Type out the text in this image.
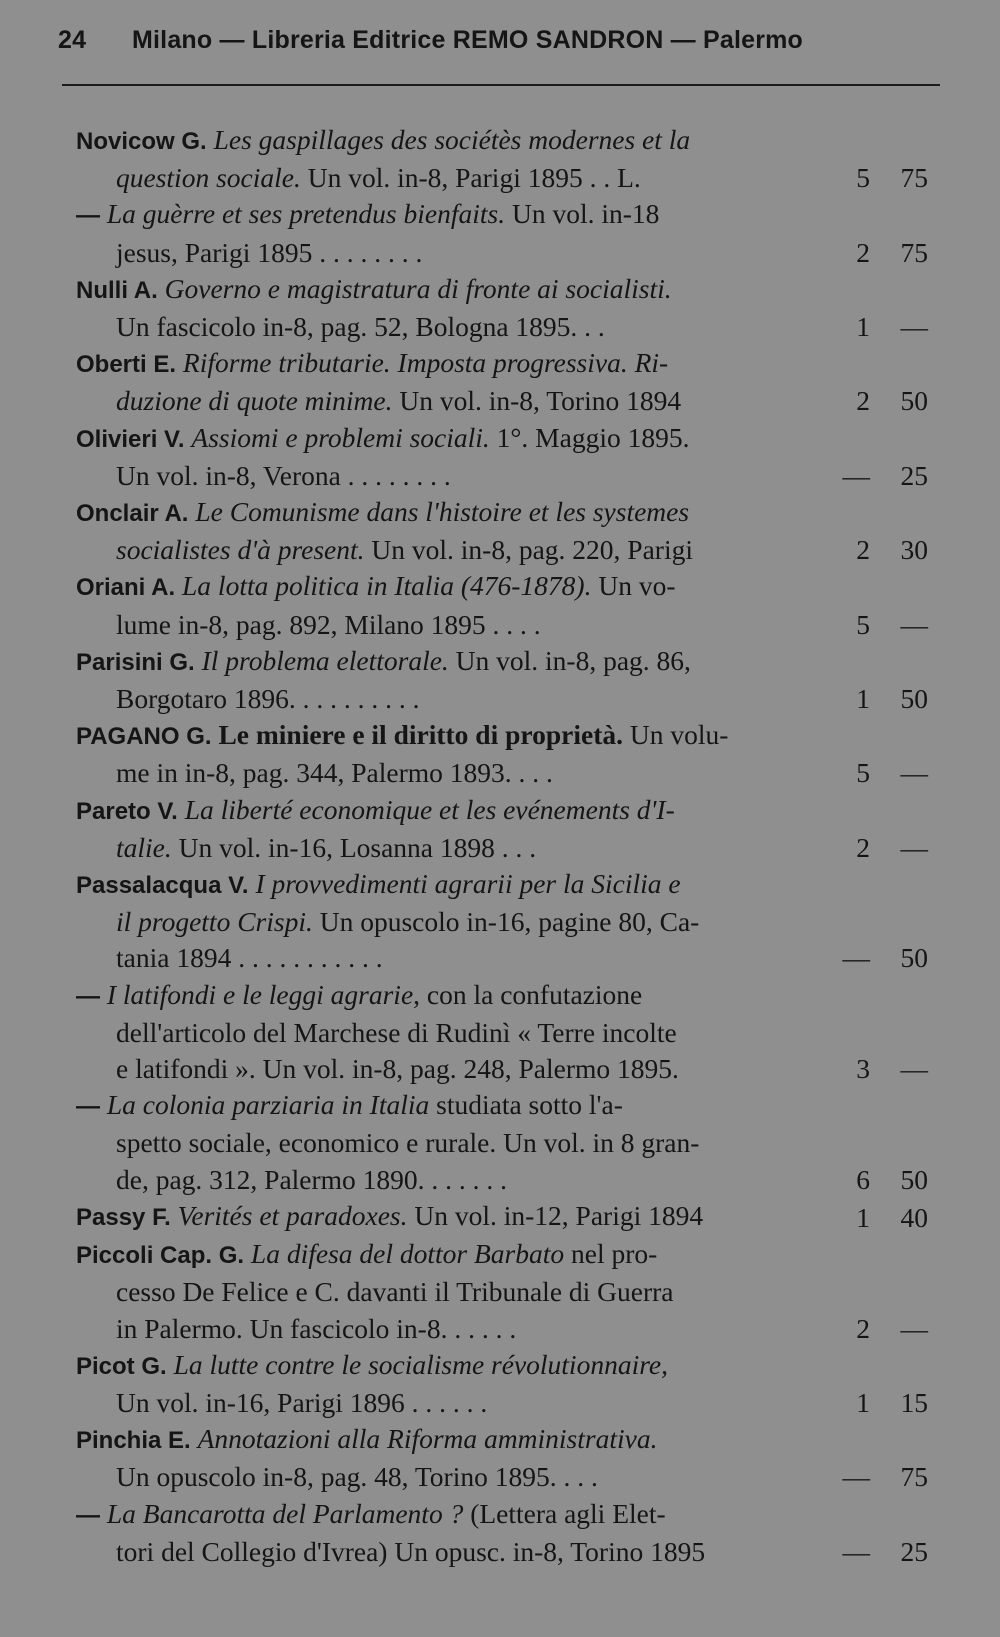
24	Milano — Libreria Editrice REMO SANDRON — Palermo
Novicow G. Les gaspillages des sociétès modernes et la
question sociale. Un vol. in-8, Parigi 1895 . . L.	5 75
— La guèrre et ses pretendus bienfaits. Un vol. in-18
jesus, Parigi 1895 . . . . . . . .	2 75
Nulli A. Governo e magistratura di fronte ai socialisti.
Un fascicolo in-8, pag. 52, Bologna 1895. . .	1 —
Oberti E. Riforme tributarie. Imposta progressiva. Ri-
duzione di quote minime. Un vol. in-8, Torino 1894	2 50
Olivieri V. Assiomi e problemi sociali. 1°. Maggio 1895.
Un vol. in-8, Verona . . . . . . . .	— 25
Onclair A. Le Comunisme dans l'histoire et les systemes
socialistes d'à present. Un vol. in-8, pag. 220, Parigi	2 30
Oriani A. La lotta politica in Italia (476-1878). Un vo-
lume in-8, pag. 892, Milano 1895 . . . .	5 —
Parisini G. Il problema elettorale. Un vol. in-8, pag. 86,
Borgotaro 1896. . . . . . . . . .	1 50
PAGANO G. Le miniere e il diritto di proprietà. Un volu-
me in in-8, pag. 344, Palermo 1893. . . .	5 —
Pareto V. La liberté economique et les evénements d'I-
talie. Un vol. in-16, Losanna 1898 . . .	2 —
Passalacqua V. I provvedimenti agrarii per la Sicilia e
il progetto Crispi. Un opuscolo in-16, pagine 80, Ca-
tania 1894 . . . . . . . . . . .	— 50
— I latifondi e le leggi agrarie, con la confutazione
dell'articolo del Marchese di Rudinì « Terre incolte
e latifondi ». Un vol. in-8, pag. 248, Palermo 1895.	3 —
— La colonia parziaria in Italia studiata sotto l'a-
spetto sociale, economico e rurale. Un vol. in 8 gran-
de, pag. 312, Palermo 1890. . . . . . .	6 50
Passy F. Verités et paradoxes. Un vol. in-12, Parigi 1894	1 40
Piccoli Cap. G. La difesa del dottor Barbato nel pro-
cesso De Felice e C. davanti il Tribunale di Guerra
in Palermo. Un fascicolo in-8. . . . . .	2 —
Picot G. La lutte contre le socialisme révolutionnaire,
Un vol. in-16, Parigi 1896 . . . . . .	1 15
Pinchia E. Annotazioni alla Riforma amministrativa.
Un opuscolo in-8, pag. 48, Torino 1895. . . .	— 75
— La Bancarotta del Parlamento ? (Lettera agli Elet-
tori del Collegio d'Ivrea) Un opusc. in-8, Torino 1895	— 25
